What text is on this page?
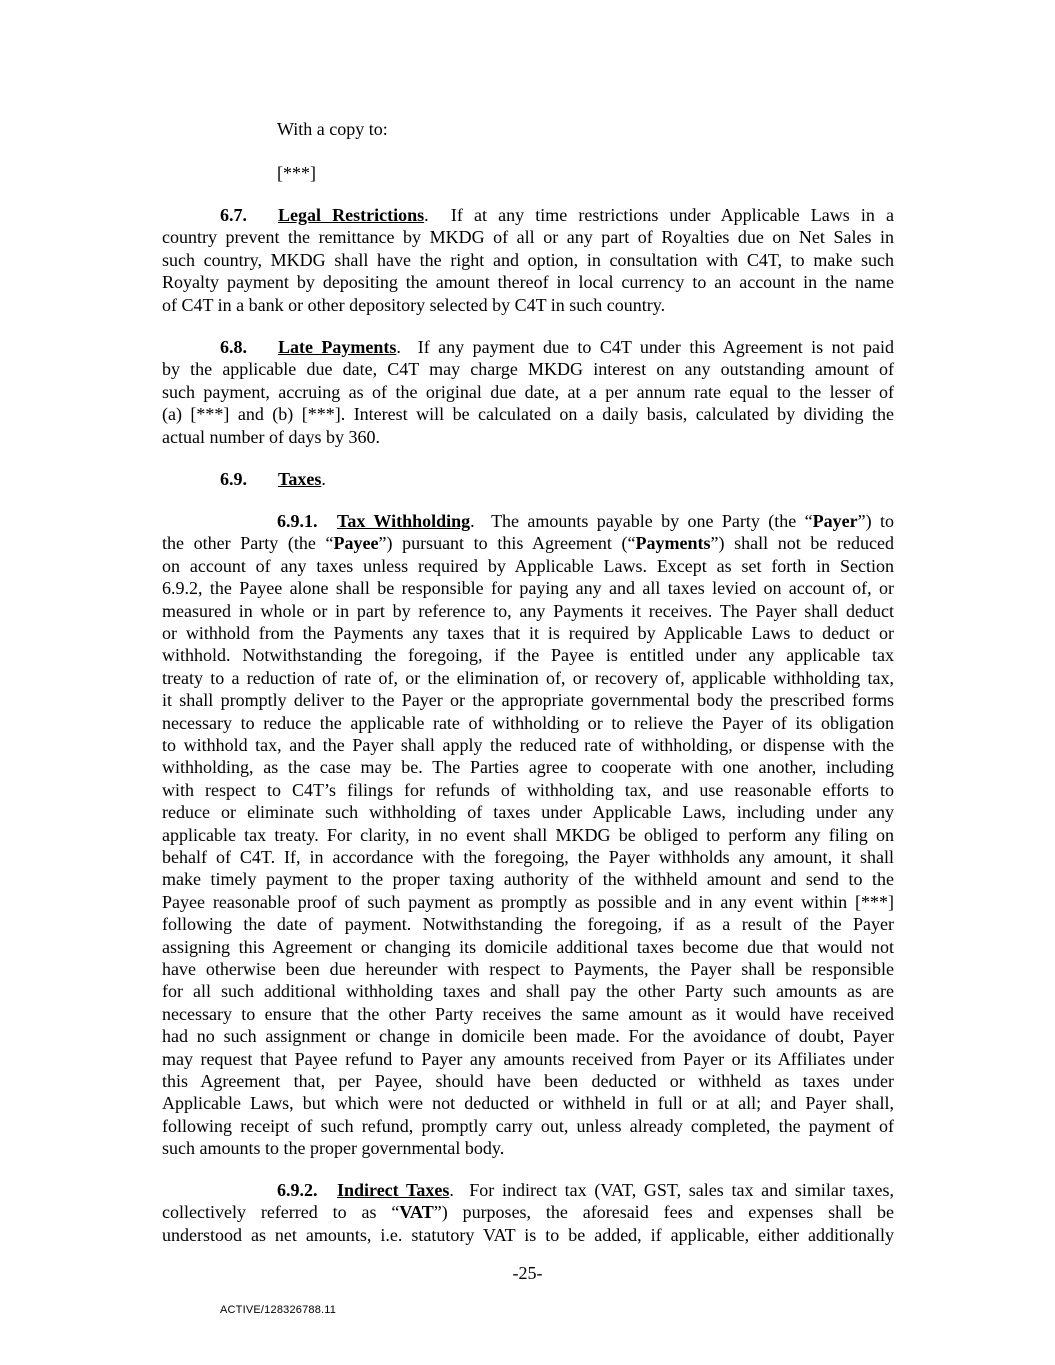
With a copy to:
[***]
6.7. Legal Restrictions.  If at any time restrictions under Applicable Laws in a
country prevent the remittance by MKDG of all or any part of Royalties due on Net Sales in
such country, MKDG shall have the right and option, in consultation with C4T, to make such
Royalty payment by depositing the amount thereof in local currency to an account in the name
of C4T in a bank or other depository selected by C4T in such country.
6.8. Late Payments.  If any payment due to C4T under this Agreement is not paid
by the applicable due date, C4T may charge MKDG interest on any outstanding amount of
such payment, accruing as of the original due date, at a per annum rate equal to the lesser of
(a) [***] and (b) [***]. Interest will be calculated on a daily basis, calculated by dividing the
actual number of days by 360.
6.9. Taxes.
6.9.1. Tax Withholding.  The amounts payable by one Party (the “Payer”) to
the other Party (the “Payee”) pursuant to this Agreement (“Payments”) shall not be reduced
on account of any taxes unless required by Applicable Laws. Except as set forth in Section
6.9.2, the Payee alone shall be responsible for paying any and all taxes levied on account of, or
measured in whole or in part by reference to, any Payments it receives. The Payer shall deduct
or withhold from the Payments any taxes that it is required by Applicable Laws to deduct or
withhold. Notwithstanding the foregoing, if the Payee is entitled under any applicable tax
treaty to a reduction of rate of, or the elimination of, or recovery of, applicable withholding tax,
it shall promptly deliver to the Payer or the appropriate governmental body the prescribed forms
necessary to reduce the applicable rate of withholding or to relieve the Payer of its obligation
to withhold tax, and the Payer shall apply the reduced rate of withholding, or dispense with the
withholding, as the case may be. The Parties agree to cooperate with one another, including
with respect to C4T’s filings for refunds of withholding tax, and use reasonable efforts to
reduce or eliminate such withholding of taxes under Applicable Laws, including under any
applicable tax treaty. For clarity, in no event shall MKDG be obliged to perform any filing on
behalf of C4T. If, in accordance with the foregoing, the Payer withholds any amount, it shall
make timely payment to the proper taxing authority of the withheld amount and send to the
Payee reasonable proof of such payment as promptly as possible and in any event within [***]
following the date of payment. Notwithstanding the foregoing, if as a result of the Payer
assigning this Agreement or changing its domicile additional taxes become due that would not
have otherwise been due hereunder with respect to Payments, the Payer shall be responsible
for all such additional withholding taxes and shall pay the other Party such amounts as are
necessary to ensure that the other Party receives the same amount as it would have received
had no such assignment or change in domicile been made. For the avoidance of doubt, Payer
may request that Payee refund to Payer any amounts received from Payer or its Affiliates under
this Agreement that, per Payee, should have been deducted or withheld as taxes under
Applicable Laws, but which were not deducted or withheld in full or at all; and Payer shall,
following receipt of such refund, promptly carry out, unless already completed, the payment of
such amounts to the proper governmental body.
6.9.2. Indirect Taxes.  For indirect tax (VAT, GST, sales tax and similar taxes,
collectively referred to as “VAT”) purposes, the aforesaid fees and expenses shall be
understood as net amounts, i.e. statutory VAT is to be added, if applicable, either additionally
-25-
ACTIVE/128326788.11
